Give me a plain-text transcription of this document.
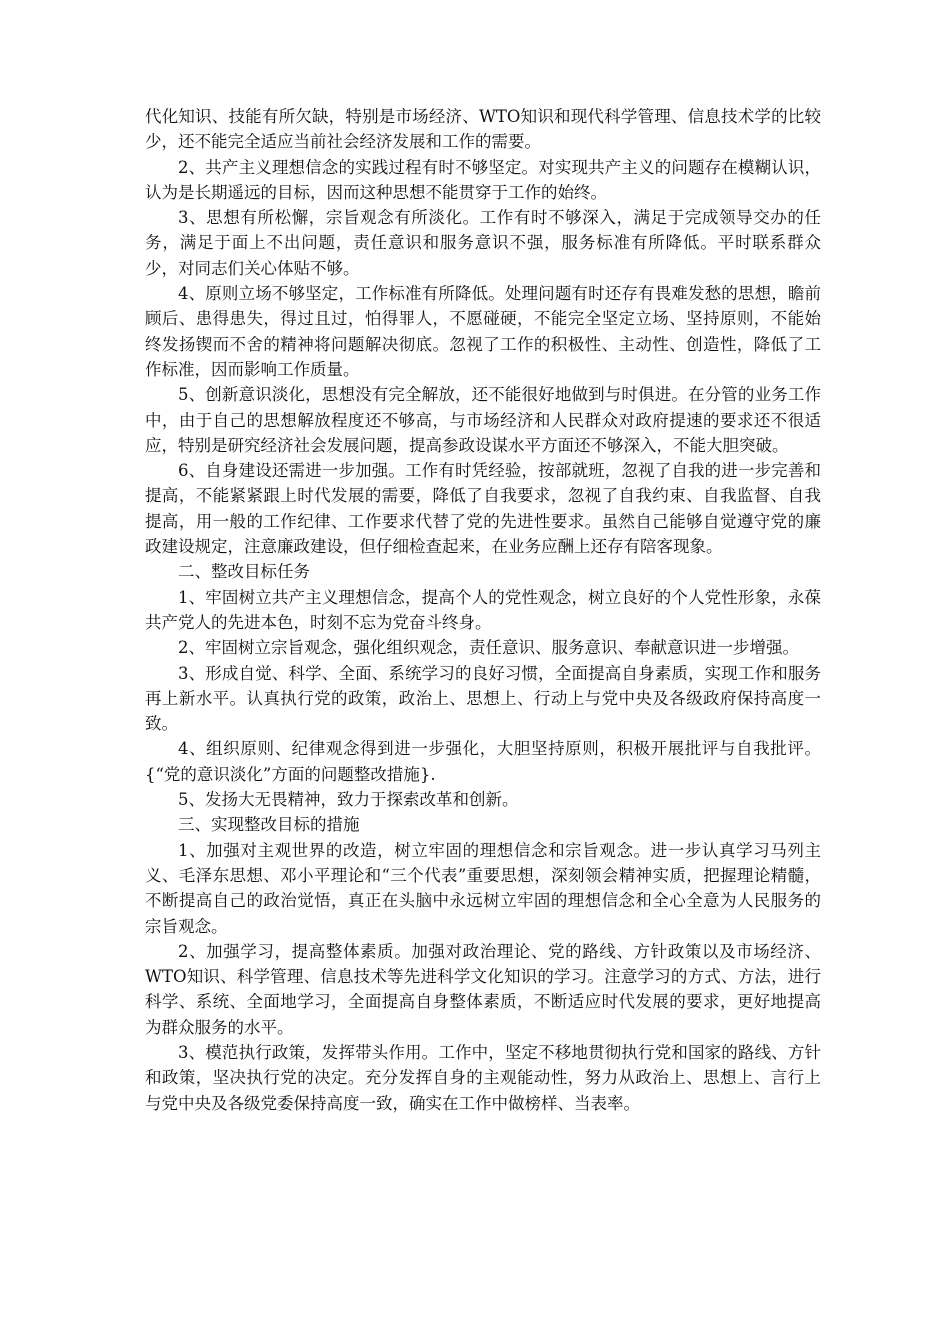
代化知识、技能有所欠缺，特别是市场经济、WTO知识和现代科学管理、信息技术学的比较少，还不能完全适应当前社会经济发展和工作的需要。

2、共产主义理想信念的实践过程有时不够坚定。对实现共产主义的问题存在模糊认识，认为是长期遥远的目标，因而这种思想不能贯穿于工作的始终。

3、思想有所松懈，宗旨观念有所淡化。工作有时不够深入，满足于完成领导交办的任务，满足于面上不出问题，责任意识和服务意识不强，服务标准有所降低。平时联系群众少，对同志们关心体贴不够。

4、原则立场不够坚定，工作标准有所降低。处理问题有时还存有畏难发愁的思想，瞻前顾后、患得患失，得过且过，怕得罪人，不愿碰硬，不能完全坚定立场、坚持原则，不能始终发扬锲而不舍的精神将问题解决彻底。忽视了工作的积极性、主动性、创造性，降低了工作标准，因而影响工作质量。

5、创新意识淡化，思想没有完全解放，还不能很好地做到与时俱进。在分管的业务工作中，由于自己的思想解放程度还不够高，与市场经济和人民群众对政府提速的要求还不很适应，特别是研究经济社会发展问题，提高参政设谋水平方面还不够深入，不能大胆突破。

6、自身建设还需进一步加强。工作有时凭经验，按部就班，忽视了自我的进一步完善和提高，不能紧紧跟上时代发展的需要，降低了自我要求，忽视了自我约束、自我监督、自我提高，用一般的工作纪律、工作要求代替了党的先进性要求。虽然自己能够自觉遵守党的廉政建设规定，注意廉政建设，但仔细检查起来，在业务应酬上还存有陪客现象。

二、整改目标任务

1、牢固树立共产主义理想信念，提高个人的党性观念，树立良好的个人党性形象，永葆共产党人的先进本色，时刻不忘为党奋斗终身。

2、牢固树立宗旨观念，强化组织观念，责任意识、服务意识、奉献意识进一步增强。

3、形成自觉、科学、全面、系统学习的良好习惯，全面提高自身素质，实现工作和服务再上新水平。认真执行党的政策，政治上、思想上、行动上与党中央及各级政府保持高度一致。

4、组织原则、纪律观念得到进一步强化，大胆坚持原则，积极开展批评与自我批评。{“党的意识淡化”方面的问题整改措施}.

5、发扬大无畏精神，致力于探索改革和创新。

三、实现整改目标的措施

1、加强对主观世界的改造，树立牢固的理想信念和宗旨观念。进一步认真学习马列主义、毛泽东思想、邓小平理论和“三个代表”重要思想，深刻领会精神实质，把握理论精髓，不断提高自己的政治觉悟，真正在头脑中永远树立牢固的理想信念和全心全意为人民服务的宗旨观念。

2、加强学习，提高整体素质。加强对政治理论、党的路线、方针政策以及市场经济、WTO知识、科学管理、信息技术等先进科学文化知识的学习。注意学习的方式、方法，进行科学、系统、全面地学习，全面提高自身整体素质，不断适应时代发展的要求，更好地提高为群众服务的水平。

3、模范执行政策，发挥带头作用。工作中，坚定不移地贯彻执行党和国家的路线、方针和政策，坚决执行党的决定。充分发挥自身的主观能动性，努力从政治上、思想上、言行上与党中央及各级党委保持高度一致，确实在工作中做榜样、当表率。
